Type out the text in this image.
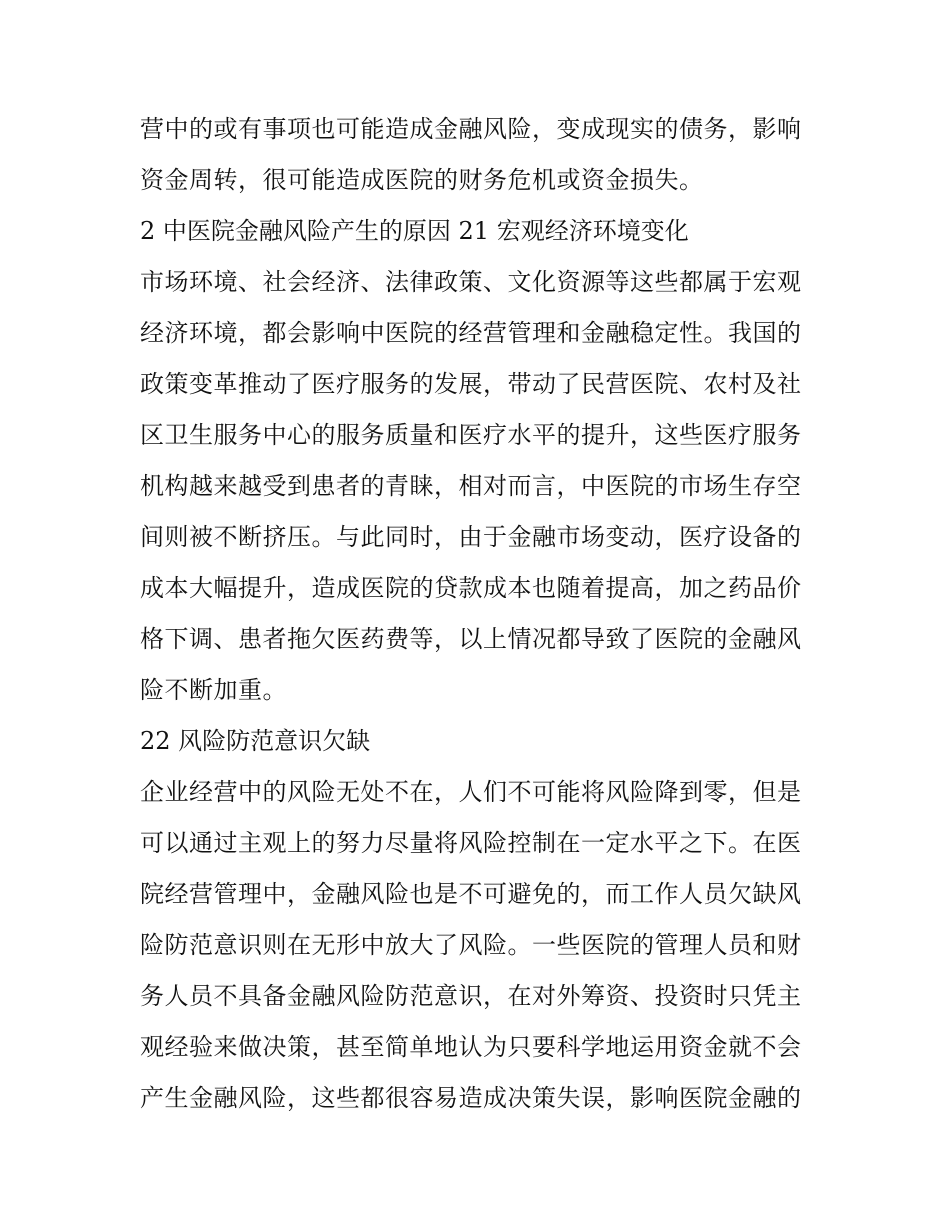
营中的或有事项也可能造成金融风险，变成现实的债务，影响
资金周转，很可能造成医院的财务危机或资金损失。
2 中医院金融风险产生的原因 21 宏观经济环境变化
市场环境、社会经济、法律政策、文化资源等这些都属于宏观
经济环境，都会影响中医院的经营管理和金融稳定性。我国的
政策变革推动了医疗服务的发展，带动了民营医院、农村及社
区卫生服务中心的服务质量和医疗水平的提升，这些医疗服务
机构越来越受到患者的青睐，相对而言，中医院的市场生存空
间则被不断挤压。与此同时，由于金融市场变动，医疗设备的
成本大幅提升，造成医院的贷款成本也随着提高，加之药品价
格下调、患者拖欠医药费等，以上情况都导致了医院的金融风
险不断加重。
22 风险防范意识欠缺
企业经营中的风险无处不在，人们不可能将风险降到零，但是
可以通过主观上的努力尽量将风险控制在一定水平之下。在医
院经营管理中，金融风险也是不可避免的，而工作人员欠缺风
险防范意识则在无形中放大了风险。一些医院的管理人员和财
务人员不具备金融风险防范意识，在对外筹资、投资时只凭主
观经验来做决策，甚至简单地认为只要科学地运用资金就不会
产生金融风险，这些都很容易造成决策失误，影响医院金融的
